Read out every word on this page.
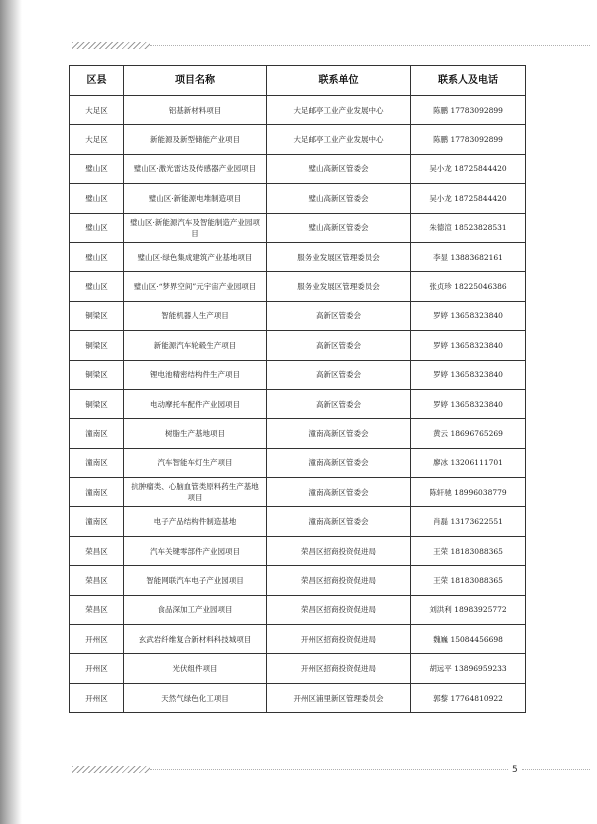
区县	项目名称	联系单位	联系人及电话
大足区	铝基新材料项目	大足邮亭工业产业发展中心	陈鹏 17783092899
大足区	新能源及新型储能产业项目	大足邮亭工业产业发展中心	陈鹏 17783092899
璧山区	璧山区·激光雷达及传感器产业园项目	璧山高新区管委会	吴小龙 18725844420
璧山区	璧山区·新能源电堆制造项目	璧山高新区管委会	吴小龙 18725844420
璧山区	璧山区·新能源汽车及智能制造产业园项目	璧山高新区管委会	朱德渲 18523828531
璧山区	璧山区·绿色集成建筑产业基地项目	服务业发展区管理委员会	李显 13883682161
璧山区	璧山区·“梦界空间”元宇宙产业园项目	服务业发展区管理委员会	张贞珍 18225046386
铜梁区	智能机器人生产项目	高新区管委会	罗婷 13658323840
铜梁区	新能源汽车轮毂生产项目	高新区管委会	罗婷 13658323840
铜梁区	锂电池精密结构件生产项目	高新区管委会	罗婷 13658323840
铜梁区	电动摩托车配件产业园项目	高新区管委会	罗婷 13658323840
潼南区	树脂生产基地项目	潼南高新区管委会	黄云 18696765269
潼南区	汽车智能车灯生产项目	潼南高新区管委会	廖冰 13206111701
潼南区	抗肿瘤类、心脑血管类原料药生产基地项目	潼南高新区管委会	陈轩驰 18996038779
潼南区	电子产品结构件制造基地	潼南高新区管委会	肖磊 13173622551
荣昌区	汽车关键零部件产业园项目	荣昌区招商投资促进局	王荣 18183088365
荣昌区	智能网联汽车电子产业园项目	荣昌区招商投资促进局	王荣 18183088365
荣昌区	食品深加工产业园项目	荣昌区招商投资促进局	刘洪利 18983925772
开州区	玄武岩纤维复合新材料科技城项目	开州区招商投资促进局	魏巍 15084456698
开州区	光伏组件项目	开州区招商投资促进局	胡远平 13896959233
开州区	天然气绿色化工项目	开州区浦里新区管理委员会	郭黎 17764810922
5
